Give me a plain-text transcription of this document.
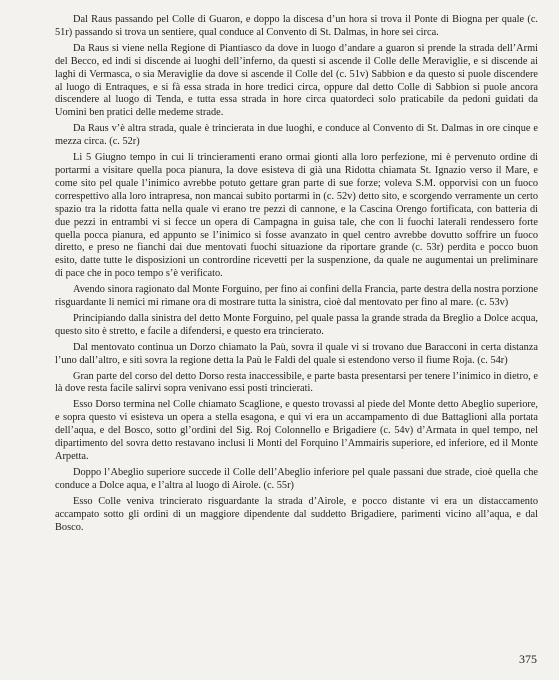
Dal Raus passando pel Colle di Guaron, e doppo la discesa d’un hora si trova il Ponte di Biogna per quale (c. 51r) passando si trova un sentiere, qual conduce al Convento di St. Dalmas, in hore sei circa.

Da Raus si viene nella Regione di Piantiasco da dove in luogo d’andare a guaron si prende la strada dell’Armi del Becco, ed indi si discende ai luoghi dell’inferno, da questi si ascende il Colle delle Meraviglie, e si discende ai laghi di Vermasca, o sia Meraviglie da dove si ascende il Colle del (c. 51v) Sabbion e da questo si puole discendere al luogo di Entraques, e si fà essa strada in hore tredici circa, oppure dal detto Colle di Sabbion si puole ancora discendere al luogo di Tenda, e tutta essa strada in hore circa quatordeci solo praticabile da pedoni guidati da Uomini ben pratici delle medeme strade.

Da Raus v’è altra strada, quale è trincierata in due luoghi, e conduce al Convento di St. Dalmas in ore cinque e mezza circa. (c. 52r)

Li 5 Giugno tempo in cui li trincieramenti erano ormai gionti alla loro perfezione, mi è pervenuto ordine di portarmi a visitare quella poca pianura, la dove esisteva di già una Ridotta chiamata St. Ignazio verso il Mare, e come sito pel quale l’inimico avrebbe potuto gettare gran parte di sue forze; voleva S.M. opporvisi con un fuoco correspettivo alla loro intrapresa, non mancai subito portarmi in (c. 52v) detto sito, e scorgendo verramente un certo spazio tra la ridotta fatta nella quale vi erano tre pezzi di cannone, e la Cascina Orengo fortificata, con batteria di due pezzi in entrambi vi si fecce un opera di Campagna in guisa tale, che con li fuochi laterali rendessero forte quella pocca pianura, ed appunto se l’inimico si fosse avanzato in quel centro avrebbe dovutto soffrire un fuoco diretto, e preso ne fianchi dai due mentovati fuochi situazione da riportare grande (c. 53r) perdita e pocco buon esito, datte tutte le disposizioni un contrordine ricevetti per la suspenzione, da quale ne augumentai un preliminare di pace che in poco tempo s’è verificato.

Avendo sinora ragionato dal Monte Forguino, per fino ai confini della Francia, parte destra della nostra porzione risguardante li nemici mi rimane ora di mostrare tutta la sinistra, cioè dal mentovato per fino al mare. (c. 53v)

Principiando dalla sinistra del detto Monte Forguino, pel quale passa la grande strada da Breglio a Dolce acqua, questo sito è stretto, e facile a difendersi, e questo era trincierato.

Dal mentovato continua un Dorzo chiamato la Paù, sovra il quale vi si trovano due Baracconi in certa distanza l’uno dall’altro, e siti sovra la regione detta la Paù le Faldi del quale si estendono verso il fiume Roja. (c. 54r)

Gran parte del corso del detto Dorso resta inaccessibile, e parte basta presentarsi per tenere l’inimico in dietro, e là dove resta facile salirvi sopra venivano essi posti trincierati.

Esso Dorso termina nel Colle chiamato Scaglione, e questo trovassi al piede del Monte detto Abeglio superiore, e sopra questo vi esisteva un opera a stella esagona, e qui vi era un accampamento di due Battaglioni alla portata dell’aqua, e del Bosco, sotto gl’ordini del Sig. Roj Colonnello e Brigadiere (c. 54v) d’Armata in quel tempo, nel dipartimento del sovra detto restavano inclusi li Monti del Forquino l’Ammairis superiore, ed inferiore, ed il Monte Arpetta.

Doppo l’Abeglio superiore succede il Colle dell’Abeglio inferiore pel quale passani due strade, cioè quella che conduce a Dolce aqua, e l’altra al luogo di Airole. (c. 55r)

Esso Colle veniva trincierato risguardante la strada d’Airole, e pocco distante vi era un distaccamento accampato sotto gli ordini di un maggiore dipendente dal suddetto Brigadiere, parimenti vicino all’aqua, e dal Bosco.

375
